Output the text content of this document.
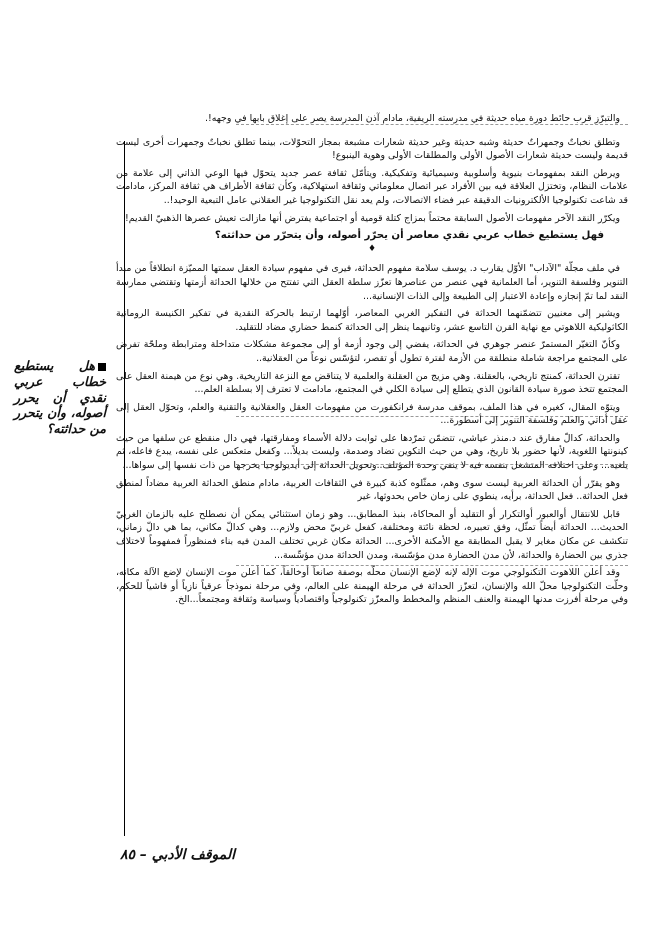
والتبرّز قرب حائط دورة مياه حديثة في مدرسته الريفية، مادام آذن المدرسة يصر على إغلاق بابها في وجهه!.

وتطلق نخباتٌ وجمهراتٌ حديثة وشبه حديثة وغير حديثة شعارات مشبعة بمجاز التحوّلات، بينما تطلق نخباتٌ وجمهرات أخرى ليست قديمة وليست حديثة شعارات الأصول الأولى والمطلقات الأولى وهوية الينبوع!

ويرطن النقد بمفهومات بنيوية وأسلوبية وسيميائية وتفكيكية. ويتأمّل ثقافة عصر جديد يتحوّل فيها الوعي الذاتي إلى علامة من علامات النظام، وتختزل العلاقة فيه بين الأفراد عبر اتصال معلوماتي وثقافة استهلاكية، وكأن ثقافة الأطراف هي ثقافة المركز، مادامت قد شاعت تكنولوجيا الألكترونيات الدقيقة عبر فضاء الاتصالات، ولم يعد نقل التكنولوجيا غير العقلاني عامل التبعية الوحيد!..

ويكرّر النقد الآخر مفهومات الأصول السابقة محتماً بمزاج كتلة قومية أو اجتماعية يفترض أنها مازالت تعيش عصرها الذهبيّ القديم!

فهل يستطيع خطاب عربي نقدي معاصر أن يحرّر أصوله، وأن يتحرّر من حداثته؟

♦

في ملف مجلّة "الآداب" الأوّل يقارب د. يوسف سلامة مفهوم الحداثة، فيرى في مفهوم سيادة العقل سمتها المميّزة انطلاقاً من مبدأ التنوير وفلسفة التنوير، أما العلمانية فهي عنصر من عناصرها تعزّز سلطة العقل التي تفتتح من خلالها الحداثة أزمتها وتقتضي ممارسة النقد لما تمّ إنجازه وإعادة الاعتبار إلى الطبيعة وإلى الذات الإنسانية...

ويشير إلى معنيين تتضمّنهما الحداثة في التفكير الغربي المعاصر، أوّلهما ارتبط بالحركة النقدية في تفكير الكنيسة الرومانية الكاثوليكية اللاهوتي مع نهاية القرن التاسع عشر، وثانيهما ينظر إلى الحداثة كنمط حضاري مضاد للتقليد.

وكأنّ التغيّر المستمرّ عنصر جوهري في الحداثة، يفضي إلى وجود أزمة أو إلى مجموعة مشكلات متداخلة ومترابطة وملحّة تفرض على المجتمع مراجعة شاملة منطلقة من الأزمة لفترة تطول أو تقصر، لتؤسّس نوعاً من العقلانية..

تقترن الحداثة، كمنتج تاريخي، بالعقلنة. وهي مزيج من العقلنة والعلمية لا يتناقض مع النزعة التاريخية. وهي نوع من هيمنة العقل على المجتمع تتخذ صورة سيادة القانون الذي يتطلع إلى سيادة الكلي في المجتمع، مادامت لا تعترف إلا بسلطة العلم...

ويتوّه المقال، كغيره في هذا الملف، بموقف مدرسة فرانكفورت من مفهومات العقل والعقلانية والتقنية والعلم، وتحوّل العقل إلى عقل أداتي والعلم وفلسفة التنوير إلى أسطورة...

والحداثة، كدالّ مفارق عند د.منذر عياشي، تتضمّن تمرّدها على ثوابت دلالة الأسماء ومفارقتها، فهي دال منقطع عن سلفها من حيث كينونتها اللغوية، لأنها حضور بلا تاريخ، وهي من حيث التكوين تضاد وصدمة، وليست بديلاً... وكفعل متعكس على نفسه، يبدع فاعله، ثم يلغيه... وعلى اختلافه المتشغل بنفسه فيه لا ينفي وحدة المؤتلف..وتحويل الحداثة إلى أيديولوجيا يخرجها من ذات نفسها إلى سواها...

وهو يقرّر أن الحداثة العربية ليست سوى وهم، ممثّلوه كذبة كبيرة في الثقافات العربية، مادام منطق الحداثة العربية مضاداً لمنطق فعل الحداثة.. فعل الحداثة، برأيه، ينطوي على زمان خاص بحدوثها، غير

قابل للانتقال أوالعبور أوالتكرار أو التقليد أو المحاكاة، بنبذ المطابق... وهو زمان استثنائي يمكن أن نصطلح عليه بالزمان الغربيّ الحديث... الحداثة أيضاً تمثّل، وفق تعبيره، لحظة نائتة ومختلفة، كفعل غربيّ محض ولازم... وهي كدالّ مكاني، بما هي دالّ زماني، تنكشف عن مكان مغاير لا يقبل المطابقة مع الأمكنة الأخرى... الحداثة مكان غربي تختلف المدن فيه بناء فمنظوراً فمفهوماً لاختلاف جذري بين الحضارة والحداثة، لأن مدن الحضارة مدن مؤسّسة، ومدن الحداثة مدن مؤسِّسة...

وقد أعلن اللاهوت التكنولوجي موت الإله لإنه لإضع الإنسان محلّه بوصفة صانعاً أوخالقاً، كما أعلن موت الإنسان لإضع الآلة مكانه، وحلّت التكنولوجيا محلّ الله والإنسان، لتعزّز الحداثة في مرحلة الهيمنة على العالم، وفي مرحلة نموذجاً عرقياً نازياً أو فاشياً للحكم، وفي مرحلة أفرزت مدنها الهيمنة والعنف المنظم والمخطط والمعزّز تكنولوجياً واقتصادياً وسياسة وثقافة ومجتمعاً...الخ.

هل يستطيع خطاب عربي نقدي أن يحرر أصوله، وأن يتحرر من حداثته؟
الموقف الأدبي – ٨٥
